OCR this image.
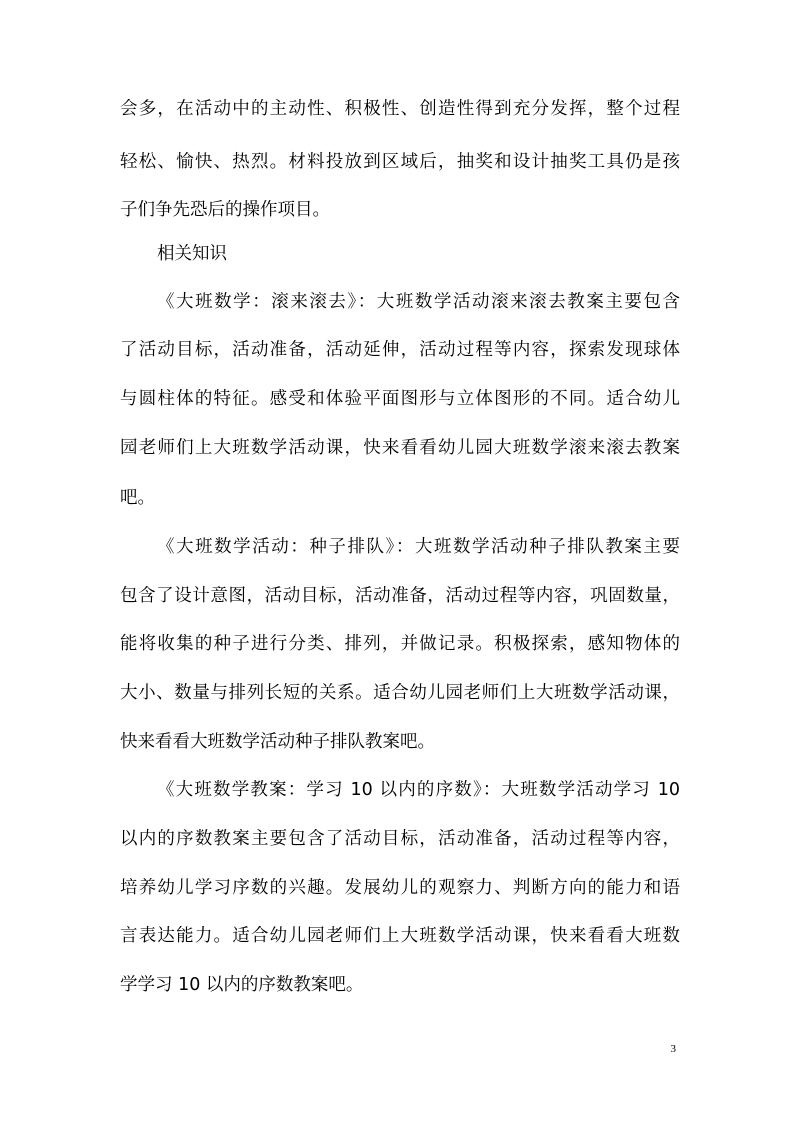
会多，在活动中的主动性、积极性、创造性得到充分发挥，整个过程
轻松、愉快、热烈。材料投放到区域后，抽奖和设计抽奖工具仍是孩
子们争先恐后的操作项目。
相关知识
《大班数学：滚来滚去》：大班数学活动滚来滚去教案主要包含
了活动目标，活动准备，活动延伸，活动过程等内容，探索发现球体
与圆柱体的特征。感受和体验平面图形与立体图形的不同。适合幼儿
园老师们上大班数学活动课，快来看看幼儿园大班数学滚来滚去教案
吧。
《大班数学活动：种子排队》：大班数学活动种子排队教案主要
包含了设计意图，活动目标，活动准备，活动过程等内容，巩固数量，
能将收集的种子进行分类、排列，并做记录。积极探索，感知物体的
大小、数量与排列长短的关系。适合幼儿园老师们上大班数学活动课，
快来看看大班数学活动种子排队教案吧。
《大班数学教案：学习 10 以内的序数》：大班数学活动学习 10
以内的序数教案主要包含了活动目标，活动准备，活动过程等内容，
培养幼儿学习序数的兴趣。发展幼儿的观察力、判断方向的能力和语
言表达能力。适合幼儿园老师们上大班数学活动课，快来看看大班数
学学习 10 以内的序数教案吧。
3
